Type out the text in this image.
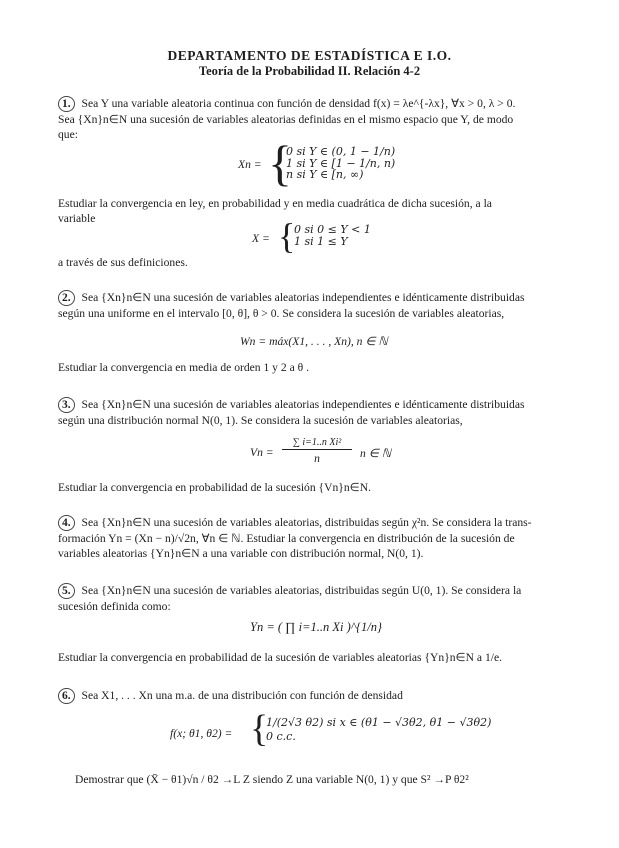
DEPARTAMENTO DE ESTADÍSTICA E I.O.
Teoría de la Probabilidad II. Relación 4-2
1. Sea Y una variable aleatoria continua con función de densidad f(x) = λe^{-λx}, ∀x > 0, λ > 0.
Sea {Xn}n∈N una sucesión de variables aleatorias definidas en el mismo espacio que Y, de modo
que:
Xn = {
0 si Y ∈ (0, 1 − 1/n)
1 si Y ∈ [1 − 1/n, n)
n si Y ∈ [n, ∞)
Estudiar la convergencia en ley, en probabilidad y en media cuadrática de dicha sucesión, a la
variable
X = {
0 si 0 ≤ Y < 1
1 si 1 ≤ Y
a través de sus definiciones.
2. Sea {Xn}n∈N una sucesión de variables aleatorias independientes e idénticamente distribuidas
según una uniforme en el intervalo [0, θ], θ > 0. Se considera la sucesión de variables aleatorias,
Wn = máx(X1, . . . , Xn), n ∈ ℕ
Estudiar la convergencia en media de orden 1 y 2 a θ .
3. Sea {Xn}n∈N una sucesión de variables aleatorias independientes e idénticamente distribuidas
según una distribución normal N(0, 1). Se considera la sucesión de variables aleatorias,
Vn =
∑ i=1..n Xi²
n	n ∈ ℕ
Estudiar la convergencia en probabilidad de la sucesión {Vn}n∈N.
4. Sea {Xn}n∈N una sucesión de variables aleatorias, distribuidas según χ²n. Se considera la trans-
formación Yn = (Xn − n)/√2n, ∀n ∈ ℕ. Estudiar la convergencia en distribución de la sucesión de
variables aleatorias {Yn}n∈N a una variable con distribución normal, N(0, 1).
5. Sea {Xn}n∈N una sucesión de variables aleatorias, distribuidas según U(0, 1). Se considera la
sucesión definida como:
Yn = ( ∏ i=1..n Xi )^{1/n}
Estudiar la convergencia en probabilidad de la sucesión de variables aleatorias {Yn}n∈N a 1/e.
6. Sea X1, . . . Xn una m.a. de una distribución con función de densidad
f(x; θ1, θ2) = {
1/(2√3 θ2) si x ∈ (θ1 − √3θ2, θ1 − √3θ2)
0 c.c.
Demostrar que (X̄ − θ1)√n / θ2 →L Z siendo Z una variable N(0, 1) y que S² →P θ2²
